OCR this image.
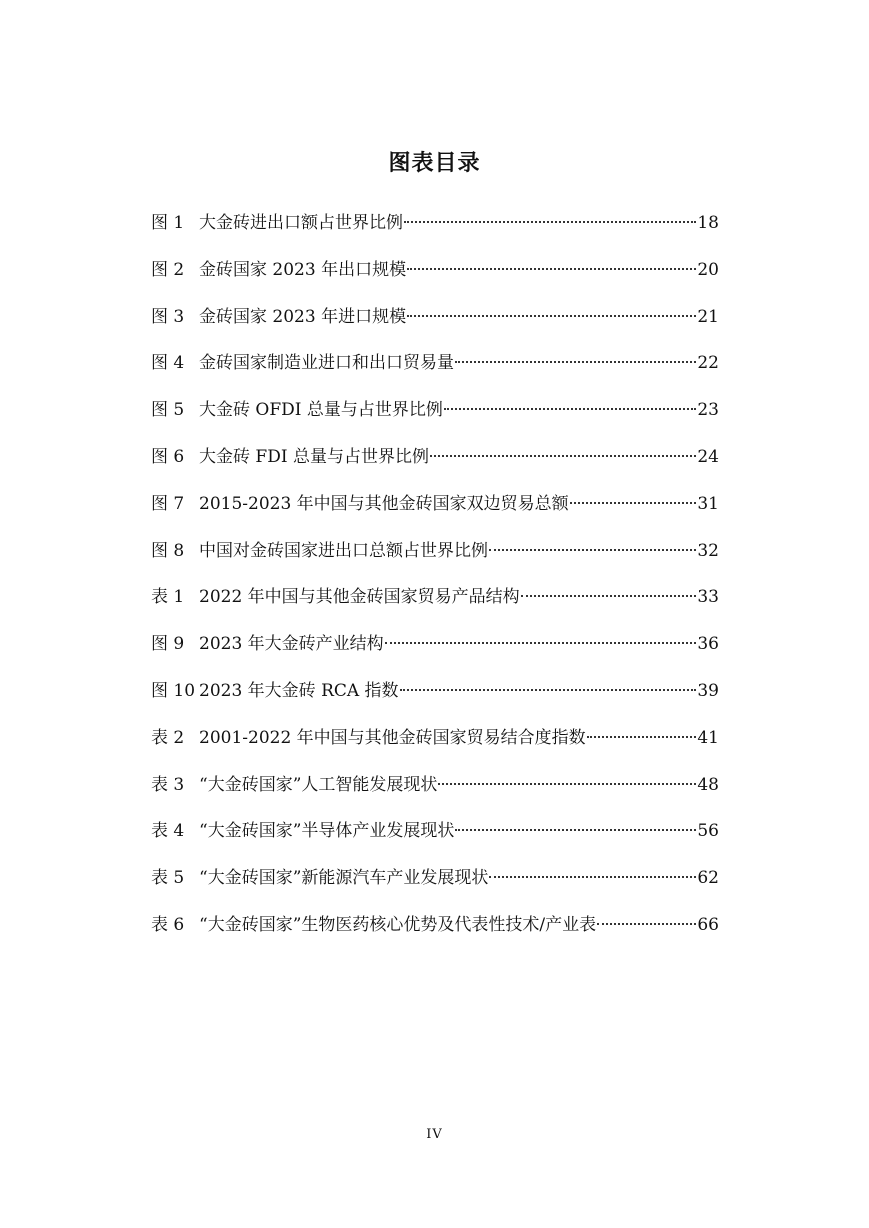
图表目录
图 1 大金砖进出口额占世界比例	18
图 2 金砖国家 2023 年出口规模	20
图 3 金砖国家 2023 年进口规模	21
图 4 金砖国家制造业进口和出口贸易量	22
图 5 大金砖 OFDI 总量与占世界比例	23
图 6 大金砖 FDI 总量与占世界比例	24
图 7 2015-2023 年中国与其他金砖国家双边贸易总额	31
图 8 中国对金砖国家进出口总额占世界比例	32
表 1 2022 年中国与其他金砖国家贸易产品结构	33
图 9 2023 年大金砖产业结构	36
图 10 2023 年大金砖 RCA 指数	39
表 2 2001-2022 年中国与其他金砖国家贸易结合度指数	41
表 3 “大金砖国家”人工智能发展现状	48
表 4 “大金砖国家”半导体产业发展现状	56
表 5 “大金砖国家”新能源汽车产业发展现状	62
表 6 “大金砖国家”生物医药核心优势及代表性技术/产业表	66
IV
